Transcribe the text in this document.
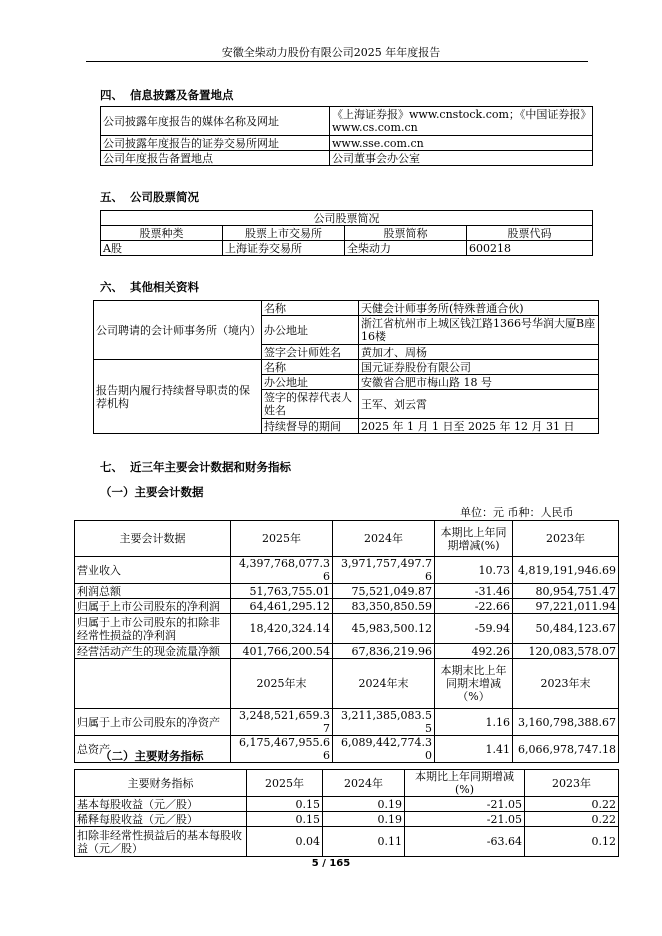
安徽全柴动力股份有限公司2025 年年度报告
四、 信息披露及备置地点
公司披露年度报告的媒体名称及网址	《上海证券报》www.cnstock.com；《中国证券报》www.cs.com.cn
公司披露年度报告的证券交易所网址	www.sse.com.cn
公司年度报告备置地点	公司董事会办公室
五、 公司股票简况
公司股票简况			
股票种类	股票上市交易所	股票简称	股票代码
A股	上海证券交易所	全柴动力	600218
六、 其他相关资料
公司聘请的会计师事务所（境内）	名称	天健会计师事务所(特殊普通合伙)
	办公地址	浙江省杭州市上城区钱江路1366号华润大厦B座16楼
	签字会计师姓名	黄加才、周杨
报告期内履行持续督导职责的保荐机构	名称	国元证券股份有限公司
	办公地址	安徽省合肥市梅山路 18 号
	签字的保荐代表人姓名	王军、刘云霄
	持续督导的期间	2025 年 1 月 1 日至 2025 年 12 月 31 日
七、 近三年主要会计数据和财务指标
（一）主要会计数据
单位：元 币种：人民币
主要会计数据	2025年	2024年	本期比上年同期增减(%)	2023年
营业收入	4,397,768,077.36	3,971,757,497.76	10.73	4,819,191,946.69
利润总额	51,763,755.01	75,521,049.87	-31.46	80,954,751.47
归属于上市公司股东的净利润	64,461,295.12	83,350,850.59	-22.66	97,221,011.94
归属于上市公司股东的扣除非经常性损益的净利润	18,420,324.14	45,983,500.12	-59.94	50,484,123.67
经营活动产生的现金流量净额	401,766,200.54	67,836,219.96	492.26	120,083,578.07
	2025年末	2024年末	本期末比上年同期末增减（%）	2023年末
归属于上市公司股东的净资产	3,248,521,659.37	3,211,385,083.55	1.16	3,160,798,388.67
总资产	6,175,467,955.66	6,089,442,774.30	1.41	6,066,978,747.18
（二）主要财务指标
主要财务指标	2025年	2024年	本期比上年同期增减(%)	2023年
基本每股收益（元／股）	0.15	0.19	-21.05	0.22
稀释每股收益（元／股）	0.15	0.19	-21.05	0.22
扣除非经常性损益后的基本每股收益（元／股）	0.04	0.11	-63.64	0.12
5 / 165
